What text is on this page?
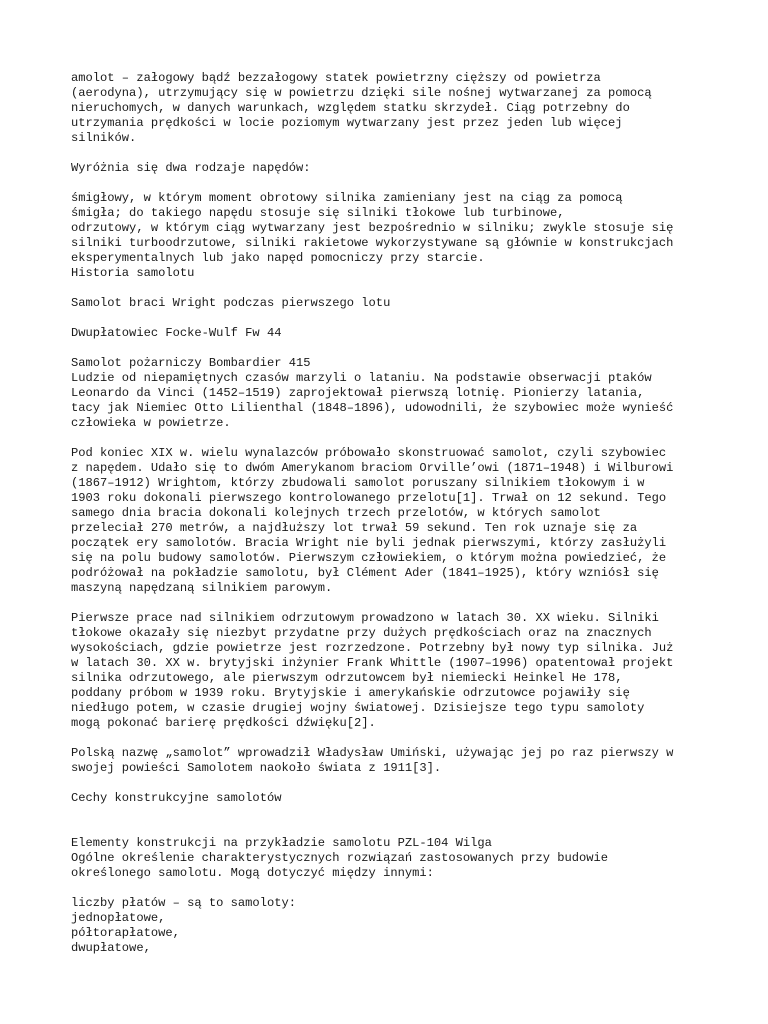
amolot – załogowy bądź bezzałogowy statek powietrzny cięższy od powietrza
(aerodyna), utrzymujący się w powietrzu dzięki sile nośnej wytwarzanej za pomocą
nieruchomych, w danych warunkach, względem statku skrzydeł. Ciąg potrzebny do
utrzymania prędkości w locie poziomym wytwarzany jest przez jeden lub więcej
silników.
Wyróżnia się dwa rodzaje napędów:
śmigłowy, w którym moment obrotowy silnika zamieniany jest na ciąg za pomocą
śmigła; do takiego napędu stosuje się silniki tłokowe lub turbinowe,
odrzutowy, w którym ciąg wytwarzany jest bezpośrednio w silniku; zwykle stosuje się
silniki turboodrzutowe, silniki rakietowe wykorzystywane są głównie w konstrukcjach
eksperymentalnych lub jako napęd pomocniczy przy starcie.
Historia samolotu
Samolot braci Wright podczas pierwszego lotu
Dwupłatowiec Focke-Wulf Fw 44
Samolot pożarniczy Bombardier 415
Ludzie od niepamiętnych czasów marzyli o lataniu. Na podstawie obserwacji ptaków
Leonardo da Vinci (1452–1519) zaprojektował pierwszą lotnię. Pionierzy latania,
tacy jak Niemiec Otto Lilienthal (1848–1896), udowodnili, że szybowiec może wynieść
człowieka w powietrze.
Pod koniec XIX w. wielu wynalazców próbowało skonstruować samolot, czyli szybowiec
z napędem. Udało się to dwóm Amerykanom braciom Orville’owi (1871–1948) i Wilburowi
(1867–1912) Wrightom, którzy zbudowali samolot poruszany silnikiem tłokowym i w
1903 roku dokonali pierwszego kontrolowanego przelotu[1]. Trwał on 12 sekund. Tego
samego dnia bracia dokonali kolejnych trzech przelotów, w których samolot
przeleciał 270 metrów, a najdłuższy lot trwał 59 sekund. Ten rok uznaje się za
początek ery samolotów. Bracia Wright nie byli jednak pierwszymi, którzy zasłużyli
się na polu budowy samolotów. Pierwszym człowiekiem, o którym można powiedzieć, że
podróżował na pokładzie samolotu, był Clément Ader (1841–1925), który wzniósł się
maszyną napędzaną silnikiem parowym.
Pierwsze prace nad silnikiem odrzutowym prowadzono w latach 30. XX wieku. Silniki
tłokowe okazały się niezbyt przydatne przy dużych prędkościach oraz na znacznych
wysokościach, gdzie powietrze jest rozrzedzone. Potrzebny był nowy typ silnika. Już
w latach 30. XX w. brytyjski inżynier Frank Whittle (1907–1996) opatentował projekt
silnika odrzutowego, ale pierwszym odrzutowcem był niemiecki Heinkel He 178,
poddany próbom w 1939 roku. Brytyjskie i amerykańskie odrzutowce pojawiły się
niedługo potem, w czasie drugiej wojny światowej. Dzisiejsze tego typu samoloty
mogą pokonać barierę prędkości dźwięku[2].
Polską nazwę „samolot” wprowadził Władysław Umiński, używając jej po raz pierwszy w
swojej powieści Samolotem naokoło świata z 1911[3].
Cechy konstrukcyjne samolotów
Elementy konstrukcji na przykładzie samolotu PZL-104 Wilga
Ogólne określenie charakterystycznych rozwiązań zastosowanych przy budowie
określonego samolotu. Mogą dotyczyć między innymi:
liczby płatów – są to samoloty:
jednopłatowe,
półtorapłatowe,
dwupłatowe,
